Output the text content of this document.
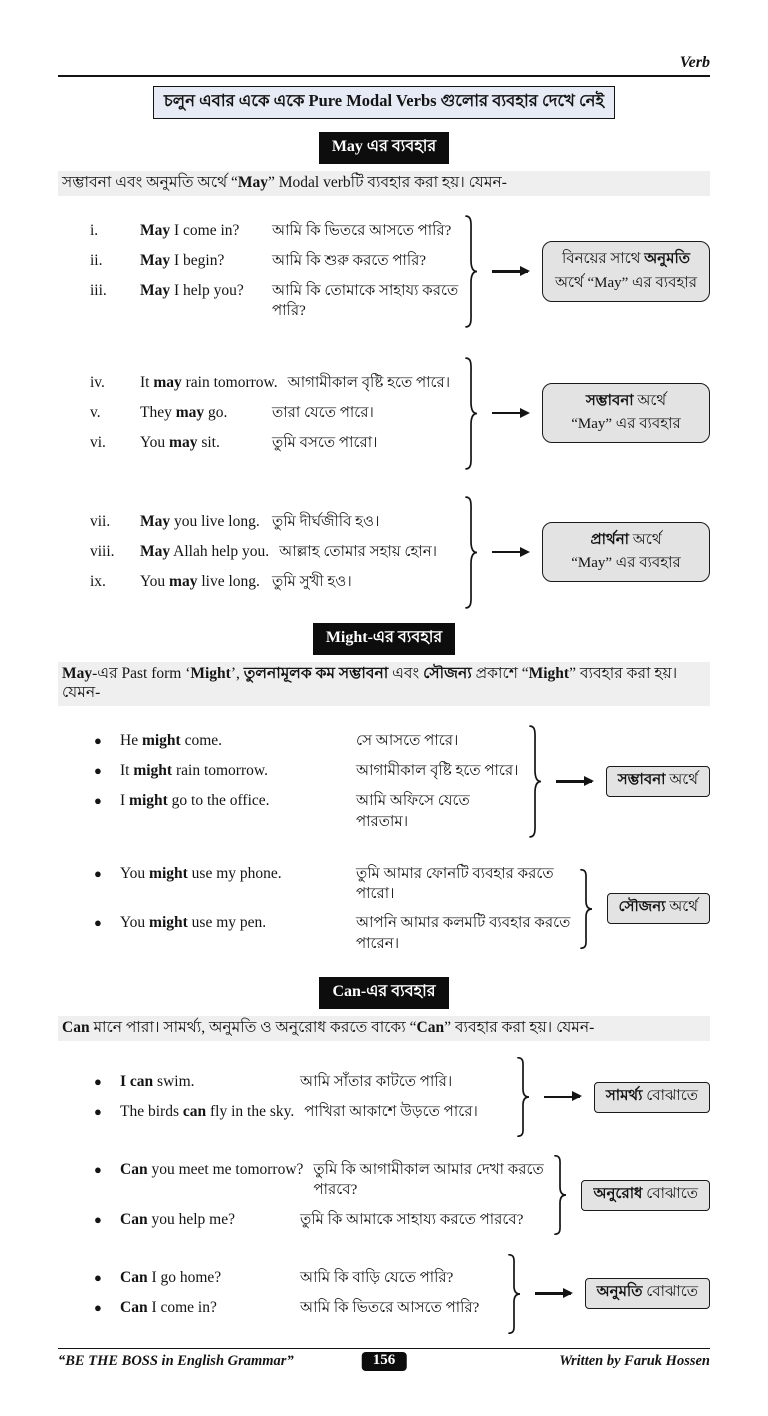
Verb
চলুন এবার একে একে Pure Modal Verbs গুলোর ব্যবহার দেখে নেই
May এর ব্যবহার
সম্ভাবনা এবং অনুমতি অর্থে “May” Modal verbটি ব্যবহার করা হয়। যেমন-
i.	May I come in?	আমি কি ভিতরে আসতে পারি?
ii.	May I begin?	আমি কি শুরু করতে পারি?
iii.	May I help you?	আমি কি তোমাকে সাহায্য করতে পারি?
বিনয়ের সাথে অনুমতি
অর্থে “May” এর ব্যবহার
iv.	It may rain tomorrow. আগামীকাল বৃষ্টি হতে পারে।
v.	They may go.	তারা যেতে পারে।
vi.	You may sit.	তুমি বসতে পারো।
সম্ভাবনা অর্থে
“May” এর ব্যবহার
vii.	May you live long. তুমি দীর্ঘজীবি হও।
viii.	May Allah help you. আল্লাহ তোমার সহায় হোন।
ix.	You may live long. তুমি সুখী হও।
প্রার্থনা অর্থে
“May” এর ব্যবহার
Might-এর ব্যবহার
May-এর Past form ‘Might’, তুলনামূলক কম সম্ভাবনা এবং সৌজন্য প্রকাশে “Might” ব্যবহার করা হয়। যেমন-
●	He might come.	সে আসতে পারে।
●	It might rain tomorrow.	আগামীকাল বৃষ্টি হতে পারে।
●	I might go to the office.	আমি অফিসে যেতে পারতাম।
সম্ভাবনা অর্থে
●	You might use my phone.	তুমি আমার ফোনটি ব্যবহার করতে পারো।
●	You might use my pen.	আপনি আমার কলমটি ব্যবহার করতে পারেন।
সৌজন্য অর্থে
Can-এর ব্যবহার
Can মানে পারা। সামর্থ্য, অনুমতি ও অনুরোধ করতে বাক্যে “Can” ব্যবহার করা হয়। যেমন-
●	I can swim.	আমি সাঁতার কাটতে পারি।
●	The birds can fly in the sky. পাখিরা আকাশে উড়তে পারে।
সামর্থ্য বোঝাতে
●	Can you meet me tomorrow? তুমি কি আগামীকাল আমার দেখা করতে পারবে?
●	Can you help me?	তুমি কি আমাকে সাহায্য করতে পারবে?
অনুরোধ বোঝাতে
●	Can I go home?	আমি কি বাড়ি যেতে পারি?
●	Can I come in?	আমি কি ভিতরে আসতে পারি?
অনুমতি বোঝাতে
“BE THE BOSS in English Grammar”	156	Written by Faruk Hossen
